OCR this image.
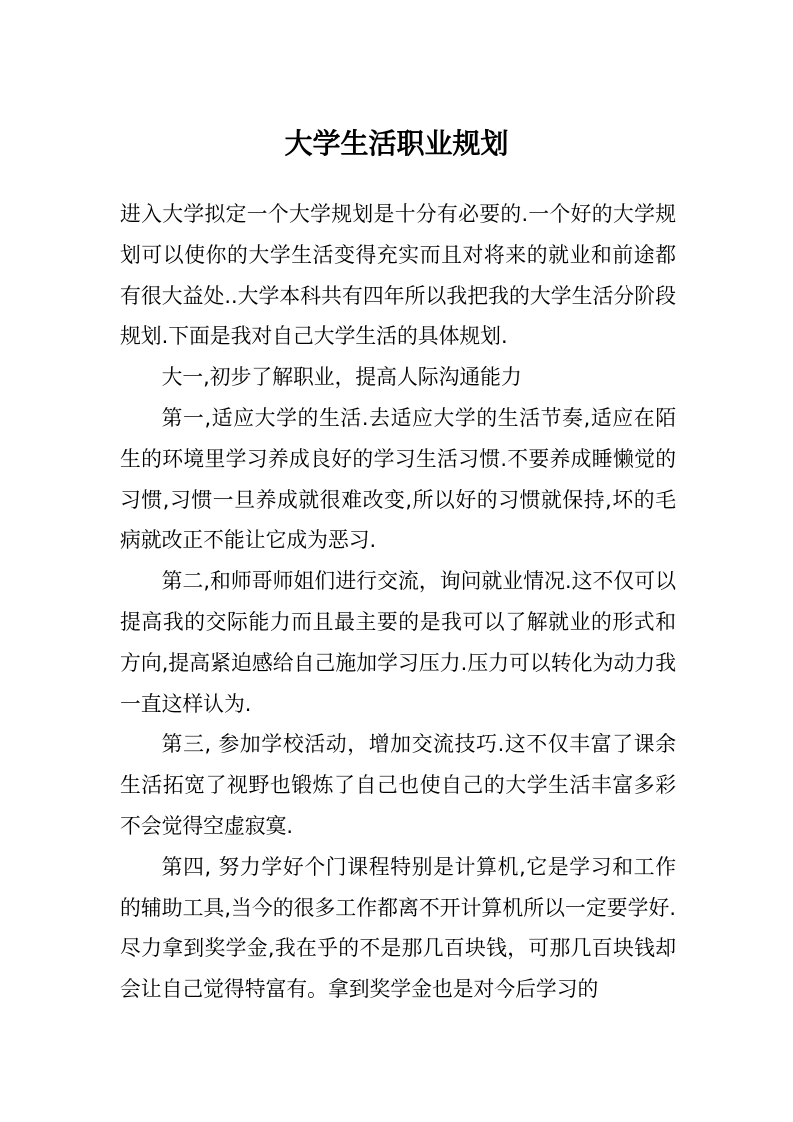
大学生活职业规划

进入大学拟定一个大学规划是十分有必要的.一个好的大学规划可以使你的大学生活变得充实而且对将来的就业和前途都有很大益处..大学本科共有四年所以我把我的大学生活分阶段规划.下面是我对自己大学生活的具体规划.

大一,初步了解职业，提高人际沟通能力

第一,适应大学的生活.去适应大学的生活节奏,适应在陌生的环境里学习养成良好的学习生活习惯.不要养成睡懒觉的习惯,习惯一旦养成就很难改变,所以好的习惯就保持,坏的毛病就改正不能让它成为恶习.

第二,和师哥师姐们进行交流，询问就业情况.这不仅可以提高我的交际能力而且最主要的是我可以了解就业的形式和方向,提高紧迫感给自己施加学习压力.压力可以转化为动力我一直这样认为.

第三, 参加学校活动，增加交流技巧.这不仅丰富了课余生活拓宽了视野也锻炼了自己也使自己的大学生活丰富多彩不会觉得空虚寂寞.

第四, 努力学好个门课程特别是计算机,它是学习和工作的辅助工具,当今的很多工作都离不开计算机所以一定要学好.尽力拿到奖学金,我在乎的不是那几百块钱，可那几百块钱却会让自己觉得特富有。拿到奖学金也是对今后学习的
